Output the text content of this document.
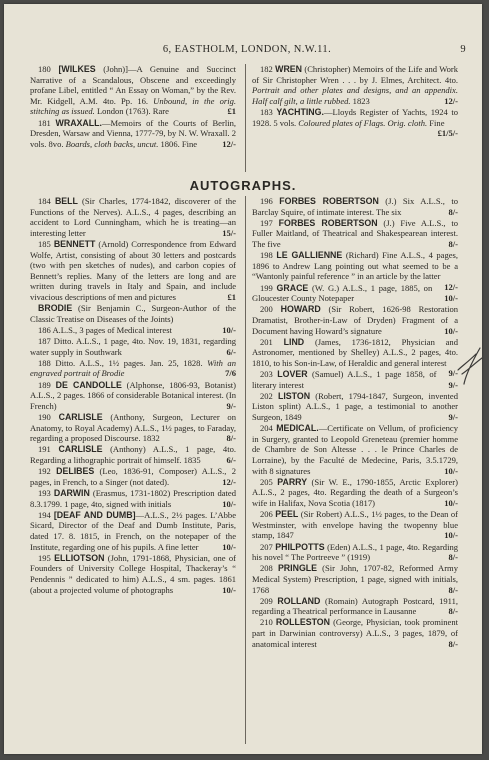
6, EASTHOLM, LONDON, N.W.11.	9

180 [WILKES (John)]—A Genuine and Succinct Narrative of a Scandalous, Obscene and exceedingly profane Libel, entitled “ An Essay on Woman,” by the Rev. Mr. Kidgell, A.M. 4to. Pp. 16. Unbound, in the orig. stitching as issued. London (1763). Rare	£1

181 WRAXALL.—Memoirs of the Courts of Berlin, Dresden, Warsaw and Vienna, 1777-79, by N. W. Wraxall. 2 vols. 8vo. Boards, cloth backs, uncut. 1806. Fine	12/-

182 WREN (Christopher) Memoirs of the Life and Work of Sir Christopher Wren . . . by J. Elmes, Architect. 4to. Portrait and other plates and designs, and an appendix. Half calf gilt, a little rubbed. 1823	12/-

183 YACHTING.—Lloyds Register of Yachts, 1924 to 1928. 5 vols. Coloured plates of Flags. Orig. cloth. Fine
£1/5/-

AUTOGRAPHS.

184 BELL (Sir Charles, 1774-1842, discoverer of the Functions of the Nerves). A.L.S., 4 pages, describing an accident to Lord Cunningham, which he is treating—an interesting letter	15/-

185 BENNETT (Arnold) Correspondence from Edward Wolfe, Artist, consisting of about 30 letters and postcards (two with pen sketches of nudes), and carbon copies of Bennett’s replies. Many of the letters are long and are written during travels in Italy and Spain, and include vivacious descriptions of men and pictures	£1

BRODIE (Sir Benjamin C., Surgeon-Author of the Classic Treatise on Diseases of the Joints)

186 A.L.S., 3 pages of Medical interest	10/-

187 Ditto. A.L.S., 1 page, 4to. Nov. 19, 1831, regarding water supply in Southwark	6/-

188 Ditto. A.L.S., 1½ pages. Jan. 25, 1828. With an engraved portrait of Brodie	7/6

189 DE CANDOLLE (Alphonse, 1806-93, Botanist) A.L.S., 2 pages. 1866 of considerable Botanical interest. (In French)	9/-

190 CARLISLE (Anthony, Surgeon, Lecturer on Anatomy, to Royal Academy) A.L.S., 1½ pages, to Faraday, regarding a proposed Discourse. 1832	8/-

191 CARLISLE (Anthony) A.L.S., 1 page, 4to. Regarding a lithographic portrait of himself. 1835	6/-

192 DELIBES (Leo, 1836-91, Composer) A.L.S., 2 pages, in French, to a Singer (not dated).	12/-

193 DARWIN (Erasmus, 1731-1802) Prescription dated 8.3.1799. 1 page, 4to, signed with initials	10/-

194 [DEAF AND DUMB]—A.L.S., 2½ pages. L’Abbe Sicard, Director of the Deaf and Dumb Institute, Paris, dated 17. 8. 1815, in French, on the notepaper of the Institute, regarding one of his pupils. A fine letter	10/-

195 ELLIOTSON (John, 1791-1868, Physician, one of Founders of University College Hospital, Thackeray’s “ Pendennis ” dedicated to him) A.L.S., 4 sm. pages. 1861 (about a projected volume of photographs	10/-

196 FORBES ROBERTSON (J.) Six A.L.S., to Barclay Squire, of intimate interest. The six	8/-

197 FORBES ROBERTSON (J.) Five A.L.S., to Fuller Maitland, of Theatrical and Shakespearean interest. The five	8/-

198 LE GALLIENNE (Richard) Fine A.L.S., 4 pages, 1896 to Andrew Lang pointing out what seemed to be a “Wantonly painful reference ” in an article by the latter
12/-

199 GRACE (W. G.) A.L.S., 1 page, 1885, on Gloucester County Notepaper	10/-

200 HOWARD (Sir Robert, 1626-98 Restoration Dramatist, Brother-in-Law of Dryden) Fragment of a Document having Howard’s signature	10/-

201 LIND (James, 1736-1812, Physician and Astronomer, mentioned by Shelley) A.L.S., 2 pages, 4to. 1810, to his Son-in-Law, of Heraldic and general interest
9/-

203 LOVER (Samuel) A.L.S., 1 page 1858, of literary interest	9/-

202 LISTON (Robert, 1794-1847, Surgeon, invented Liston splint) A.L.S., 1 page, a testimonial to another Surgeon, 1849	9/-

204 MEDICAL.—Certificate on Vellum, of proficiency in Surgery, granted to Leopold Greneteau (premier homme de Chambre de Son Altesse . . . le Prince Charles de Lorraine), by the Faculté de Medecine, Paris, 3.5.1729, with 8 signatures	10/-

205 PARRY (Sir W. E., 1790-1855, Arctic Explorer) A.L.S., 2 pages, 4to. Regarding the death of a Surgeon’s wife in Halifax, Nova Scotia (1817)	10/-

206 PEEL (Sir Robert) A.L.S., 1½ pages, to the Dean of Westminster, with envelope having the twopenny blue stamp, 1847	10/-

207 PHILPOTTS (Eden) A.L.S., 1 page, 4to. Regarding his novel “ The Portreeve ” (1919)	8/-

208 PRINGLE (Sir John, 1707-82, Reformed Army Medical System) Prescription, 1 page, signed with initials, 1768	8/-

209 ROLLAND (Romain) Autograph Postcard, 1911, regarding a Theatrical performance in Lausanne	8/-

210 ROLLESTON (George, Physician, took prominent part in Darwinian controversy) A.L.S., 3 pages, 1879, of anatomical interest	8/-
